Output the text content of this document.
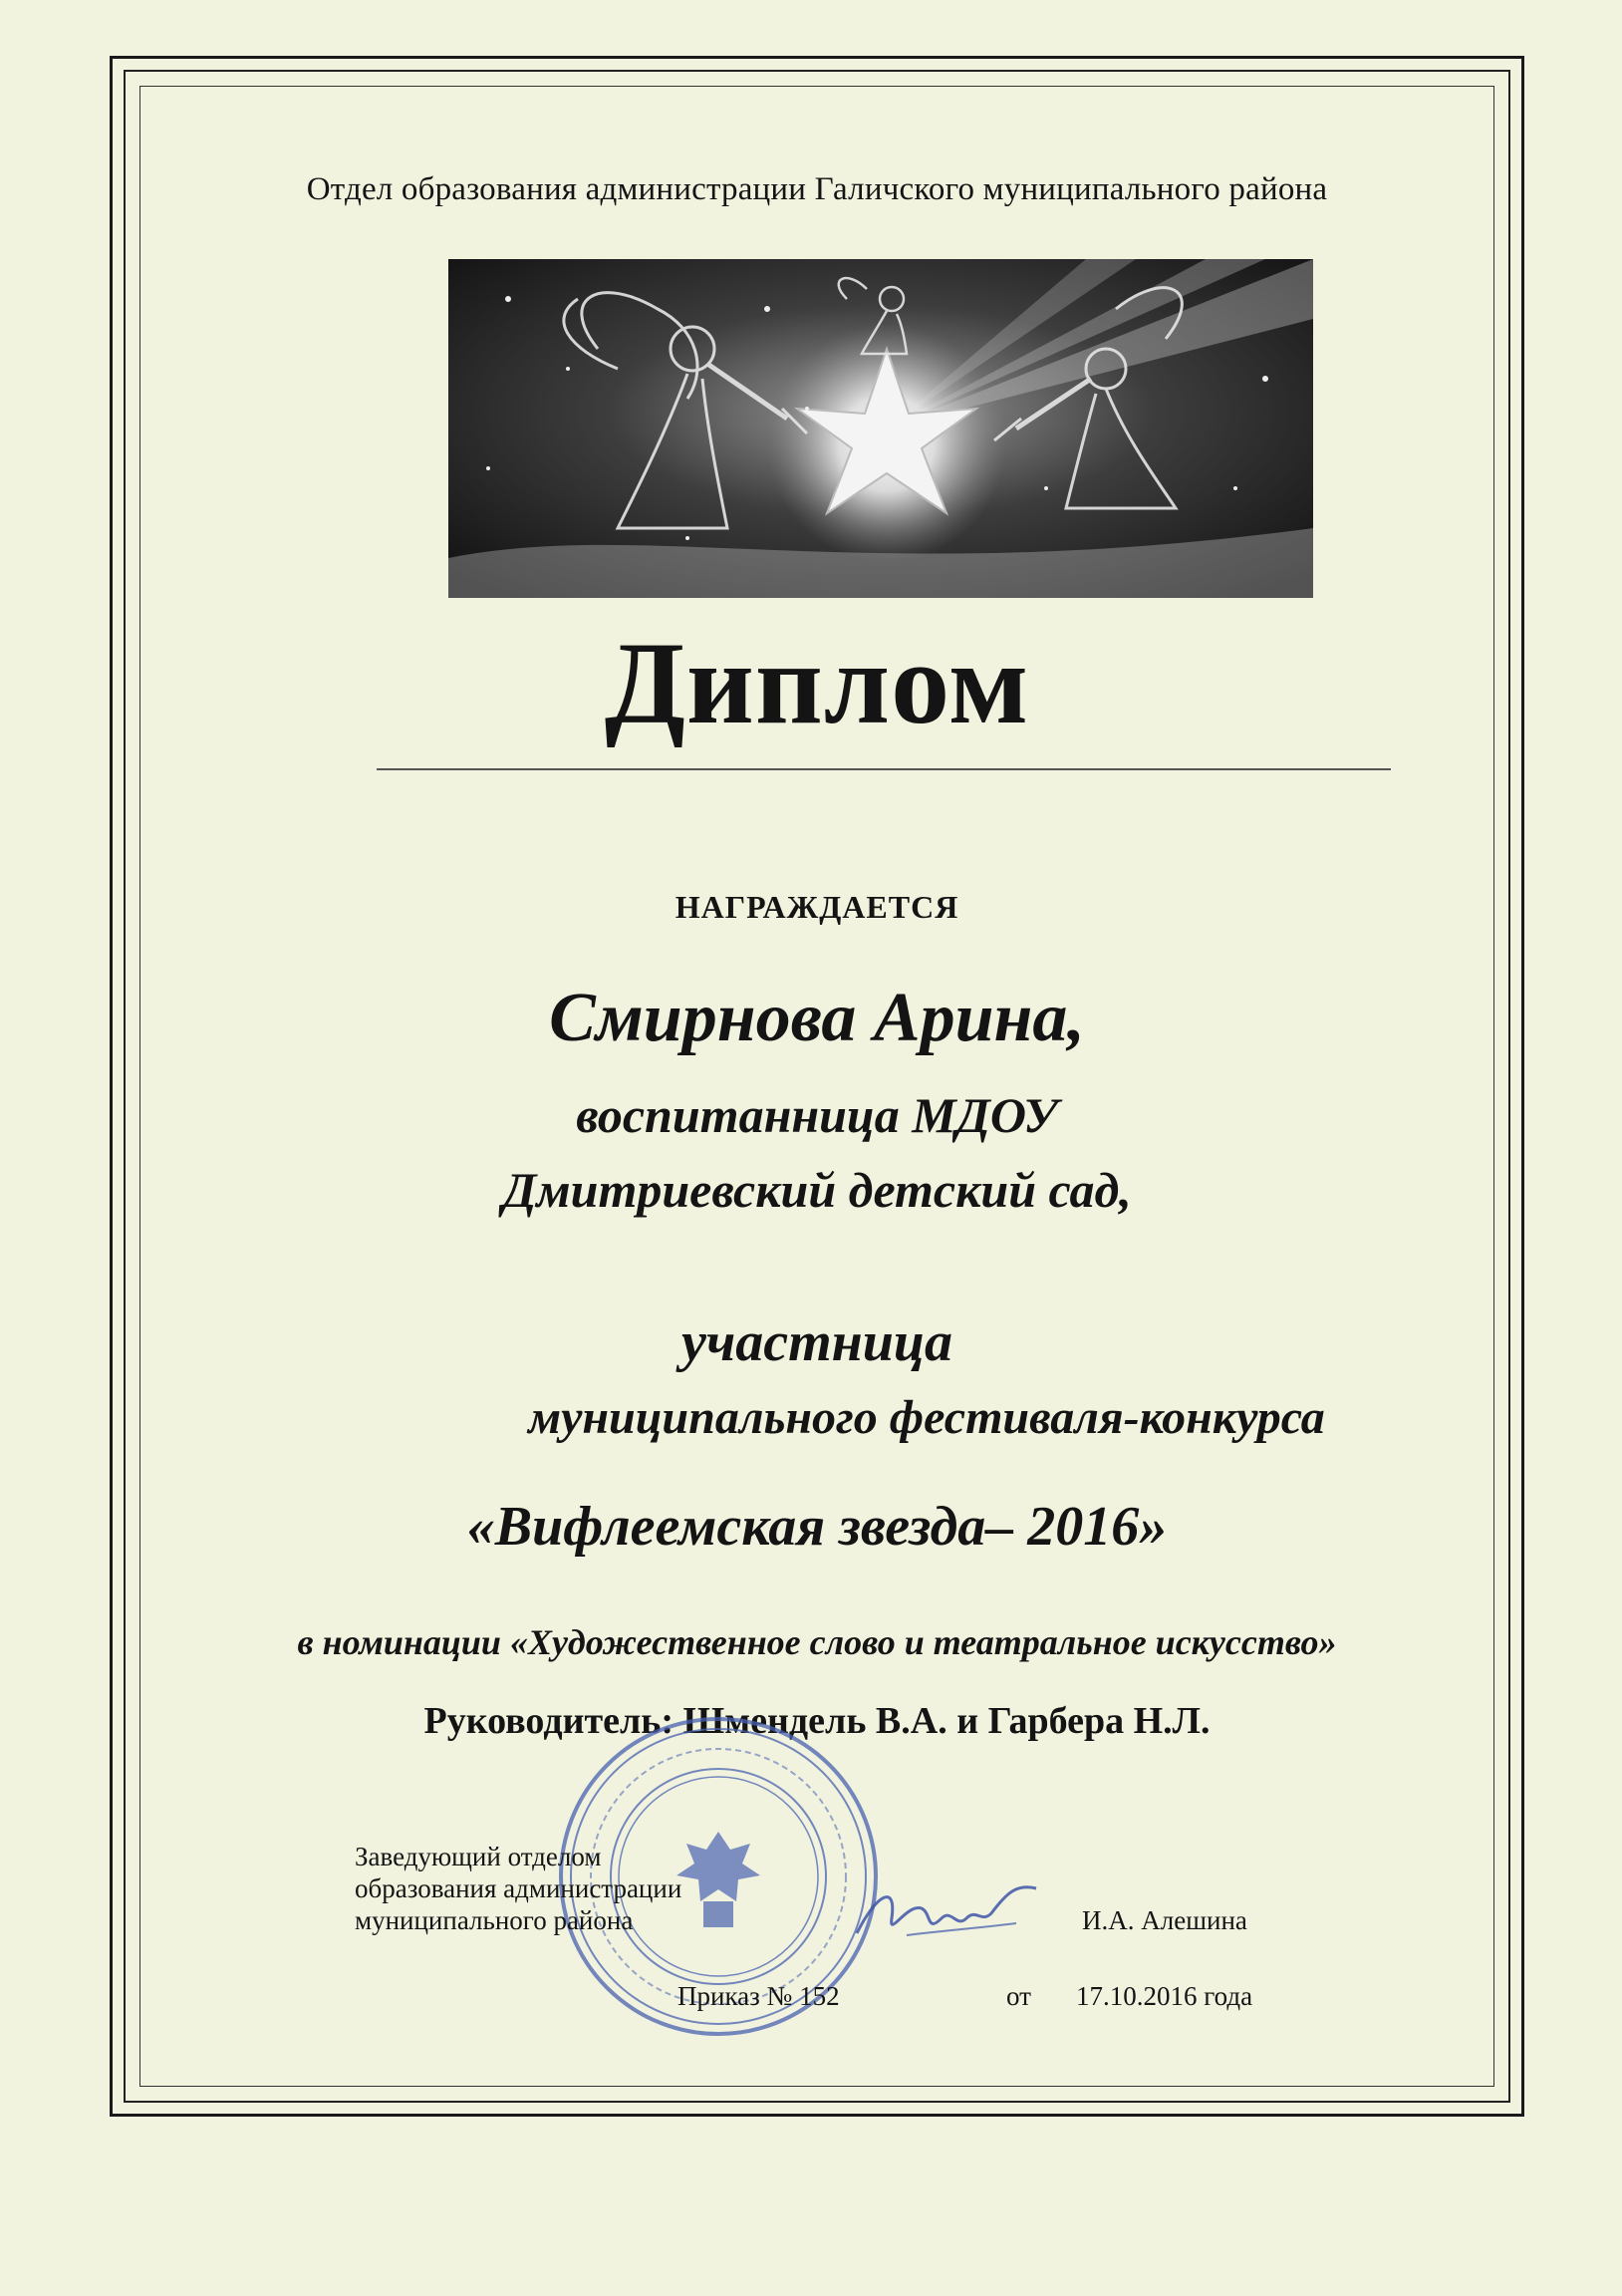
Отдел образования администрации Галичского муниципального района
Диплом
НАГРАЖДАЕТСЯ
Смирнова Арина,
воспитанница МДОУ
Дмитриевский детский сад,
участница
муниципального фестиваля-конкурса
«Вифлеемская звезда– 2016»
в номинации «Художественное слово и театральное искусство»
Руководитель: Шмендель В.А. и Гарбера Н.Л.
Заведующий отделом
образования администрации
муниципального района	И.А. Алешина
Приказ № 152	от 17.10.2016 года
